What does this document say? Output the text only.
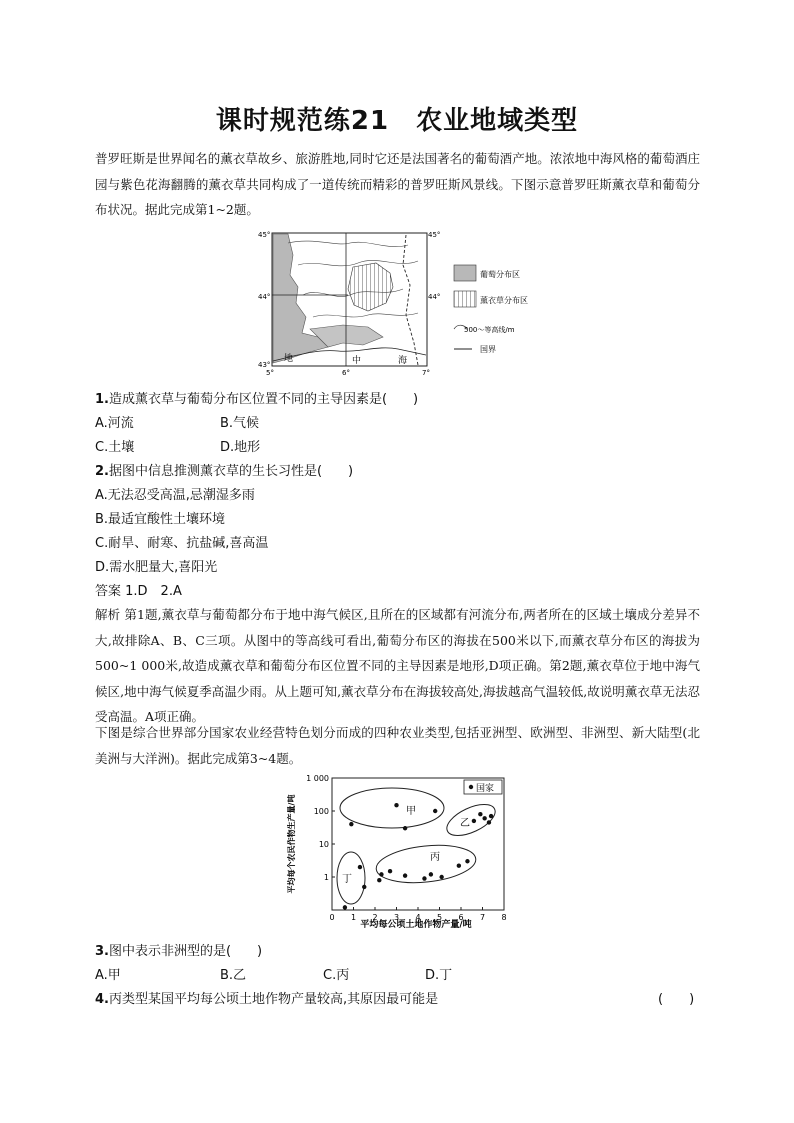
课时规范练21　农业地域类型

普罗旺斯是世界闻名的薰衣草故乡、旅游胜地,同时它还是法国著名的葡萄酒产地。浓浓地中海风格的葡萄酒庄园与紫色花海翻腾的薰衣草共同构成了一道传统而精彩的普罗旺斯风景线。下图示意普罗旺斯薰衣草和葡萄分布状况。据此完成第1~2题。

45°
44°
43°
45°
44°
5°	6°	7°
地	中	海
葡萄分布区
薰衣草分布区
500～等高线/m
国界
1.造成薰衣草与葡萄分布区位置不同的主导因素是(　　)
A.河流	B.气候
C.土壤	D.地形
2.据图中信息推测薰衣草的生长习性是(　　)
A.无法忍受高温,忌潮湿多雨
B.最适宜酸性土壤环境
C.耐旱、耐寒、抗盐碱,喜高温
D.需水肥量大,喜阳光
答案 1.D　2.A

解析 第1题,薰衣草与葡萄都分布于地中海气候区,且所在的区域都有河流分布,两者所在的区域土壤成分差异不大,故排除A、B、C三项。从图中的等高线可看出,葡萄分布区的海拔在500米以下,而薰衣草分布区的海拔为500~1 000米,故造成薰衣草和葡萄分布区位置不同的主导因素是地形,D项正确。第2题,薰衣草位于地中海气候区,地中海气候夏季高温少雨。从上题可知,薰衣草分布在海拔较高处,海拔越高气温较低,故说明薰衣草无法忍受高温。A项正确。

下图是综合世界部分国家农业经营特色划分而成的四种农业类型,包括亚洲型、欧洲型、非洲型、新大陆型(北美洲与大洋洲)。据此完成第3~4题。

1 000
100
10
1
0 1 2 3 4 5 6 7 8
甲
乙
丙
丁
国家
平均每公顷土地作物产量/吨
平均每个农民作物生产量/吨
3.图中表示非洲型的是(　　)
A.甲	B.乙	C.丙	D.丁
4.丙类型某国平均每公顷土地作物产量较高,其原因最可能是	(　　)
